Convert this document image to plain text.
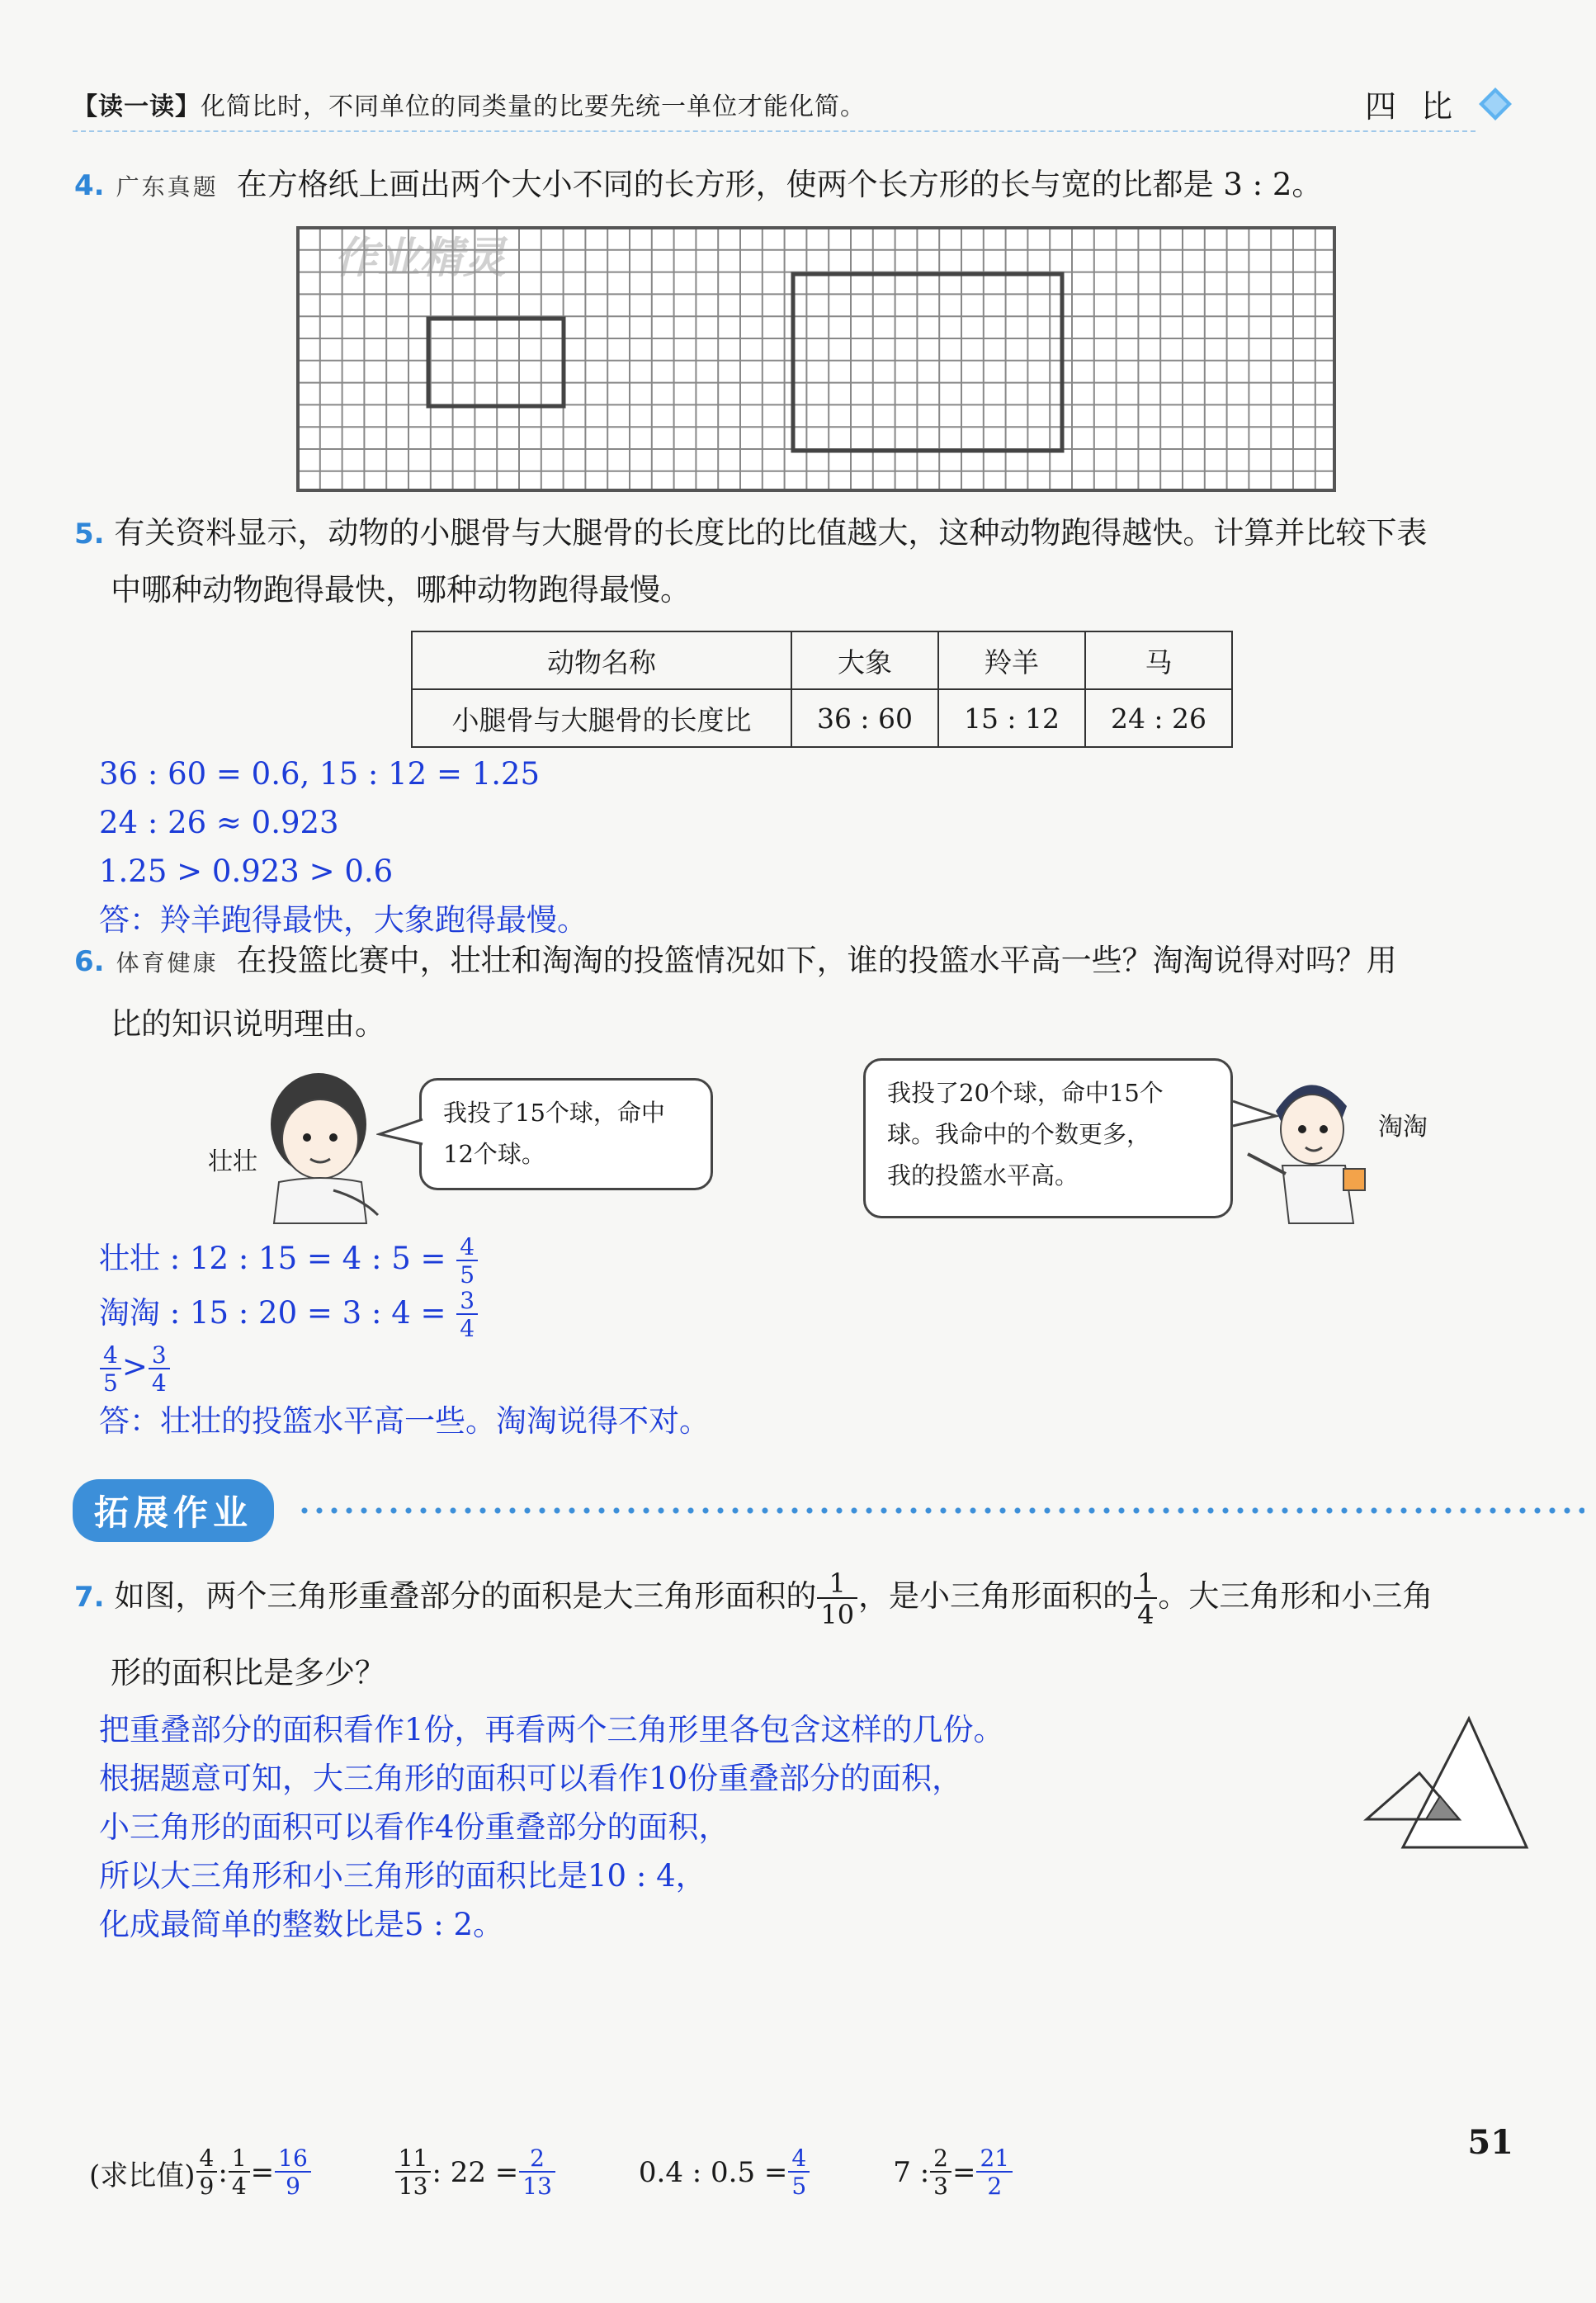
【读一读】化简比时，不同单位的同类量的比要先统一单位才能化简。	四 比
4. 广东真题 在方格纸上画出两个大小不同的长方形，使两个长方形的长与宽的比都是 3 : 2。
作业精灵
5. 有关资料显示，动物的小腿骨与大腿骨的长度比的比值越大，这种动物跑得越快。计算并比较下表
中哪种动物跑得最快，哪种动物跑得最慢。
动物名称	大象	羚羊	马
小腿骨与大腿骨的长度比	36 : 60	15 : 12	24 : 26
36 : 60 = 0.6, 15 : 12 = 1.25
24 : 26 ≈ 0.923
1.25 > 0.923 > 0.6
答：羚羊跑得最快，大象跑得最慢。
6. 体育健康 在投篮比赛中，壮壮和淘淘的投篮情况如下，谁的投篮水平高一些？淘淘说得对吗？用
比的知识说明理由。
壮壮
我投了15个球，命中12个球。
我投了20个球，命中15个
球。我命中的个数更多，
我的投篮水平高。
淘淘
壮壮 : 12 : 15 = 4 : $5 = \frac{4}{5}$
淘淘 : 15 : 20 = 3 : $4 = \frac{3}{4}$
$\frac{4}{5} > \frac{3}{4}$
答：壮壮的投篮水平高一些。淘淘说得不对。
拓展作业
7. 如图，两个三角形重叠部分的面积是大三角形面积的 $\frac{1}{10}$ ，是小三角形面积的 $\frac{1}{4}$ 。大三角形和小三角
形的面积比是多少？
把重叠部分的面积看作1份，再看两个三角形里各包含这样的几份。
根据题意可知，大三角形的面积可以看作10份重叠部分的面积，
小三角形的面积可以看作4份重叠部分的面积，
所以大三角形和小三角形的面积比是10 : 4，
化成最简单的整数比是5 : 2。
(求比值) $\frac{4}{9}$ : $\frac{1}{4} = \frac{16}{9}$	$\frac{11}{13}$ : $22 = \frac{2}{13}$	0.4 : $0.5 = \frac{4}{5}$	7 : $\frac{2}{3} = \frac{21}{2}$
51
